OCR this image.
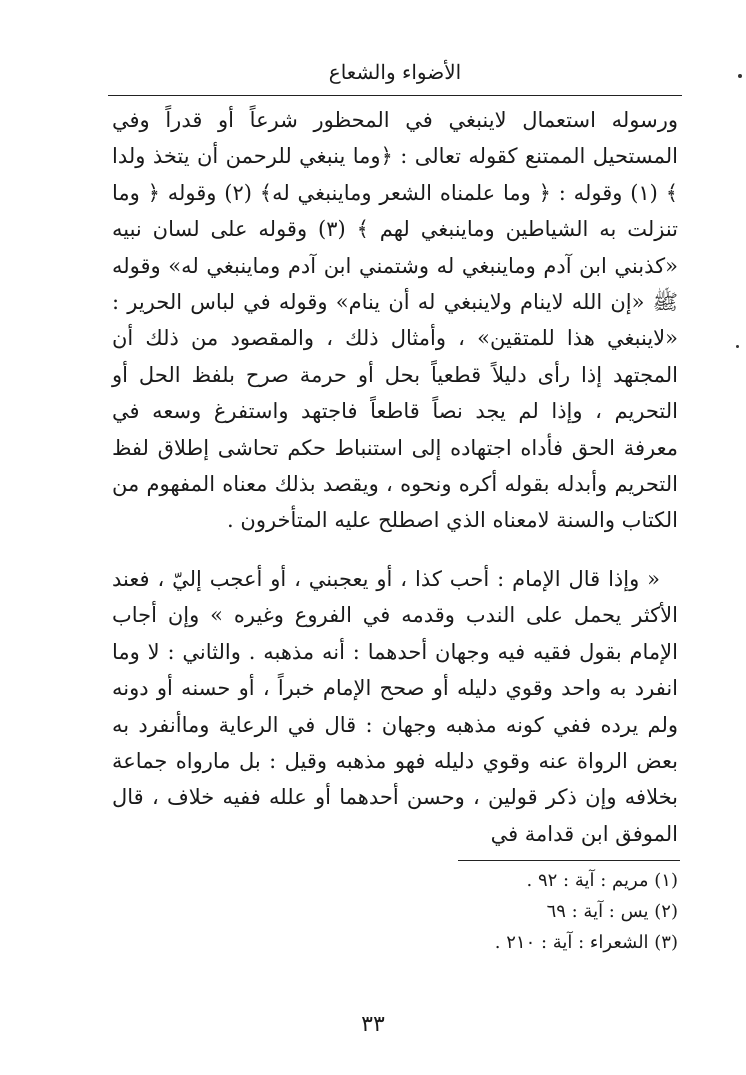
الأضواء والشعاع

ورسوله استعمال لاينبغي في المحظور شرعاً أو قدراً وفي المستحيل الممتنع كقوله تعالى : ﴿وما ينبغي للرحمن أن يتخذ ولدا ﴾ (١) وقوله : ﴿ وما علمناه الشعر وماينبغي له﴾ (٢) وقوله ﴿ وما تنزلت به الشياطين وماينبغي لهم ﴾ (٣) وقوله على لسان نبيه «كذبني ابن آدم وماينبغي له وشتمني ابن آدم وماينبغي له» وقوله ﷺ «إن الله لاينام ولاينبغي له أن ينام» وقوله في لباس الحرير : «لاينبغي هذا للمتقين» ، وأمثال ذلك ، والمقصود من ذلك أن المجتهد إذا رأى دليلاً قطعياً بحل أو حرمة صرح بلفظ الحل أو التحريم ، وإذا لم يجد نصاً قاطعاً فاجتهد واستفرغ وسعه في معرفة الحق فأداه اجتهاده إلى استنباط حكم تحاشى إطلاق لفظ التحريم وأبدله بقوله أكره ونحوه ، ويقصد بذلك معناه المفهوم من الكتاب والسنة لامعناه الذي اصطلح عليه المتأخرون .

« وإذا قال الإمام : أحب كذا ، أو يعجبني ، أو أعجب إليّ ، فعند الأكثر يحمل على الندب وقدمه في الفروع وغيره » وإن أجاب الإمام بقول فقيه فيه وجهان أحدهما : أنه مذهبه . والثاني : لا وما انفرد به واحد وقوي دليله أو صحح الإمام خبراً ، أو حسنه أو دونه ولم يرده ففي كونه مذهبه وجهان : قال في الرعاية وماأنفرد به بعض الرواة عنه وقوي دليله فهو مذهبه وقيل : بل مارواه جماعة بخلافه وإن ذكر قولين ، وحسن أحدهما أو علله ففيه خلاف ، قال الموفق ابن قدامة في

(١) مريم : آية : ٩٢ .

(٢) يس : آية : ٦٩

(٣) الشعراء : آية : ٢١٠ .

٣٣
